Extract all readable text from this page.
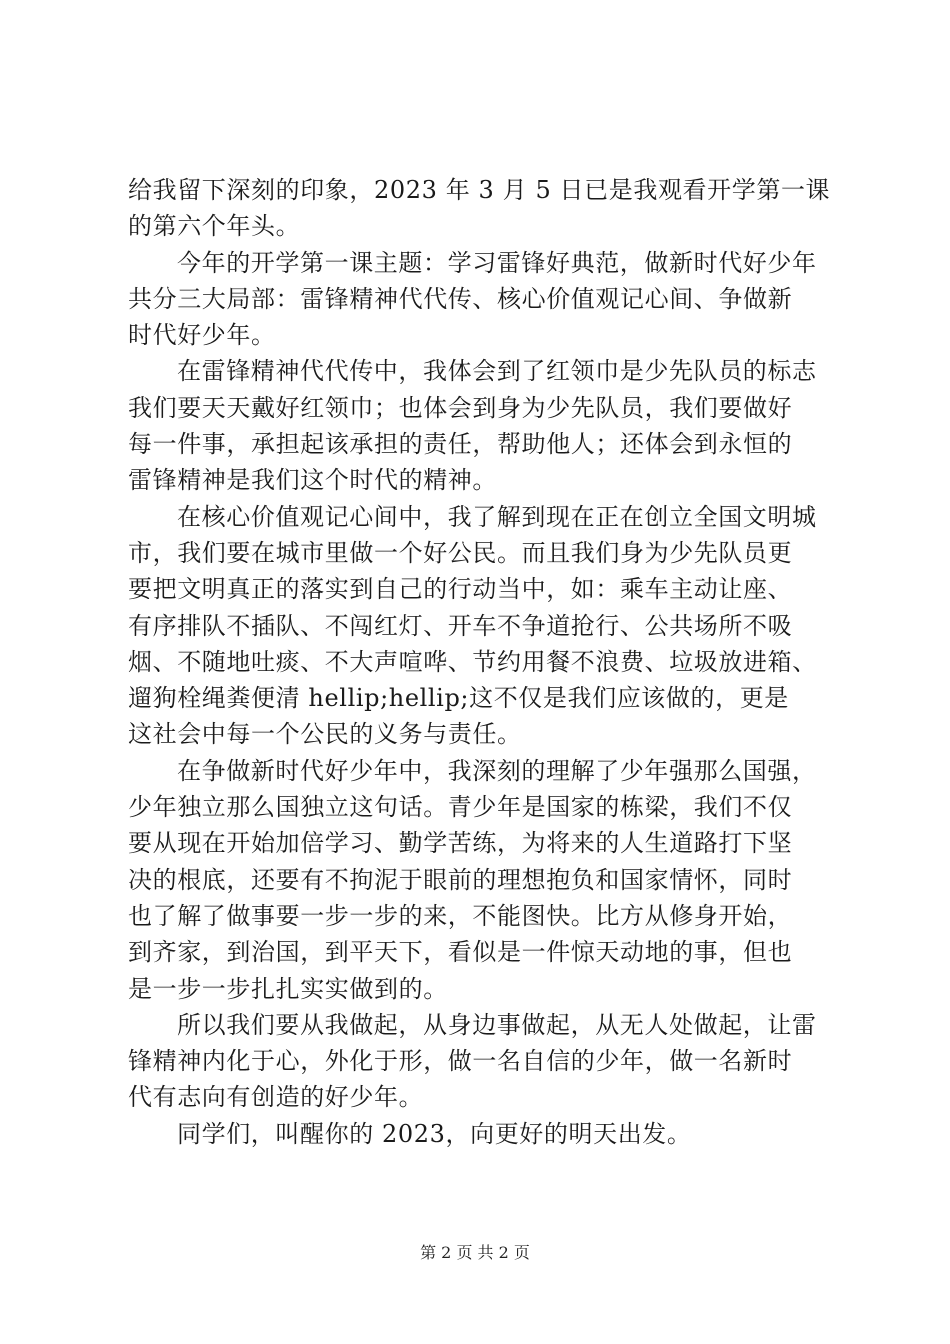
给我留下深刻的印象，2023 年 3 月 5 日已是我观看开学第一课
的第六个年头。
今年的开学第一课主题：学习雷锋好典范，做新时代好少年
共分三大局部：雷锋精神代代传、核心价值观记心间、争做新
时代好少年。
在雷锋精神代代传中，我体会到了红领巾是少先队员的标志
我们要天天戴好红领巾；也体会到身为少先队员，我们要做好
每一件事，承担起该承担的责任，帮助他人；还体会到永恒的
雷锋精神是我们这个时代的精神。
在核心价值观记心间中，我了解到现在正在创立全国文明城
市，我们要在城市里做一个好公民。而且我们身为少先队员更
要把文明真正的落实到自己的行动当中，如：乘车主动让座、
有序排队不插队、不闯红灯、开车不争道抢行、公共场所不吸
烟、不随地吐痰、不大声喧哗、节约用餐不浪费、垃圾放进箱、
遛狗栓绳粪便清 hellip;hellip;这不仅是我们应该做的，更是
这社会中每一个公民的义务与责任。
在争做新时代好少年中，我深刻的理解了少年强那么国强，
少年独立那么国独立这句话。青少年是国家的栋梁，我们不仅
要从现在开始加倍学习、勤学苦练，为将来的人生道路打下坚
决的根底，还要有不拘泥于眼前的理想抱负和国家情怀，同时
也了解了做事要一步一步的来，不能图快。比方从修身开始，
到齐家，到治国，到平天下，看似是一件惊天动地的事，但也
是一步一步扎扎实实做到的。
所以我们要从我做起，从身边事做起，从无人处做起，让雷
锋精神内化于心，外化于形，做一名自信的少年，做一名新时
代有志向有创造的好少年。
同学们，叫醒你的 2023，向更好的明天出发。
第 2 页 共 2 页
